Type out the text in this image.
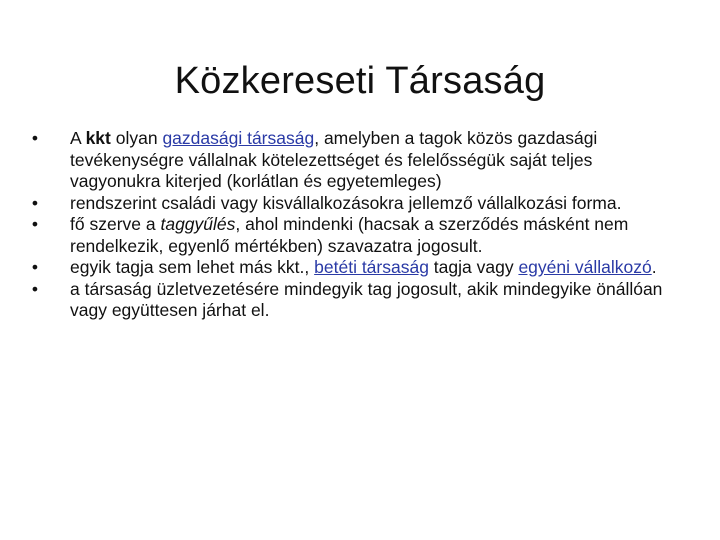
Közkereseti Társaság
• A kkt olyan gazdasági társaság, amelyben a tagok közös gazdasági tevékenységre vállalnak kötelezettséget és felelősségük saját teljes vagyonukra kiterjed (korlátlan és egyetemleges)
• rendszerint családi vagy kisvállalkozásokra jellemző vállalkozási forma.
• fő szerve a taggyűlés, ahol mindenki (hacsak a szerződés másként nem rendelkezik, egyenlő mértékben) szavazatra jogosult.
• egyik tagja sem lehet más kkt., betéti társaság tagja vagy egyéni vállalkozó.
• a társaság üzletvezetésére mindegyik tag jogosult, akik mindegyike önállóan vagy együttesen járhat el.
